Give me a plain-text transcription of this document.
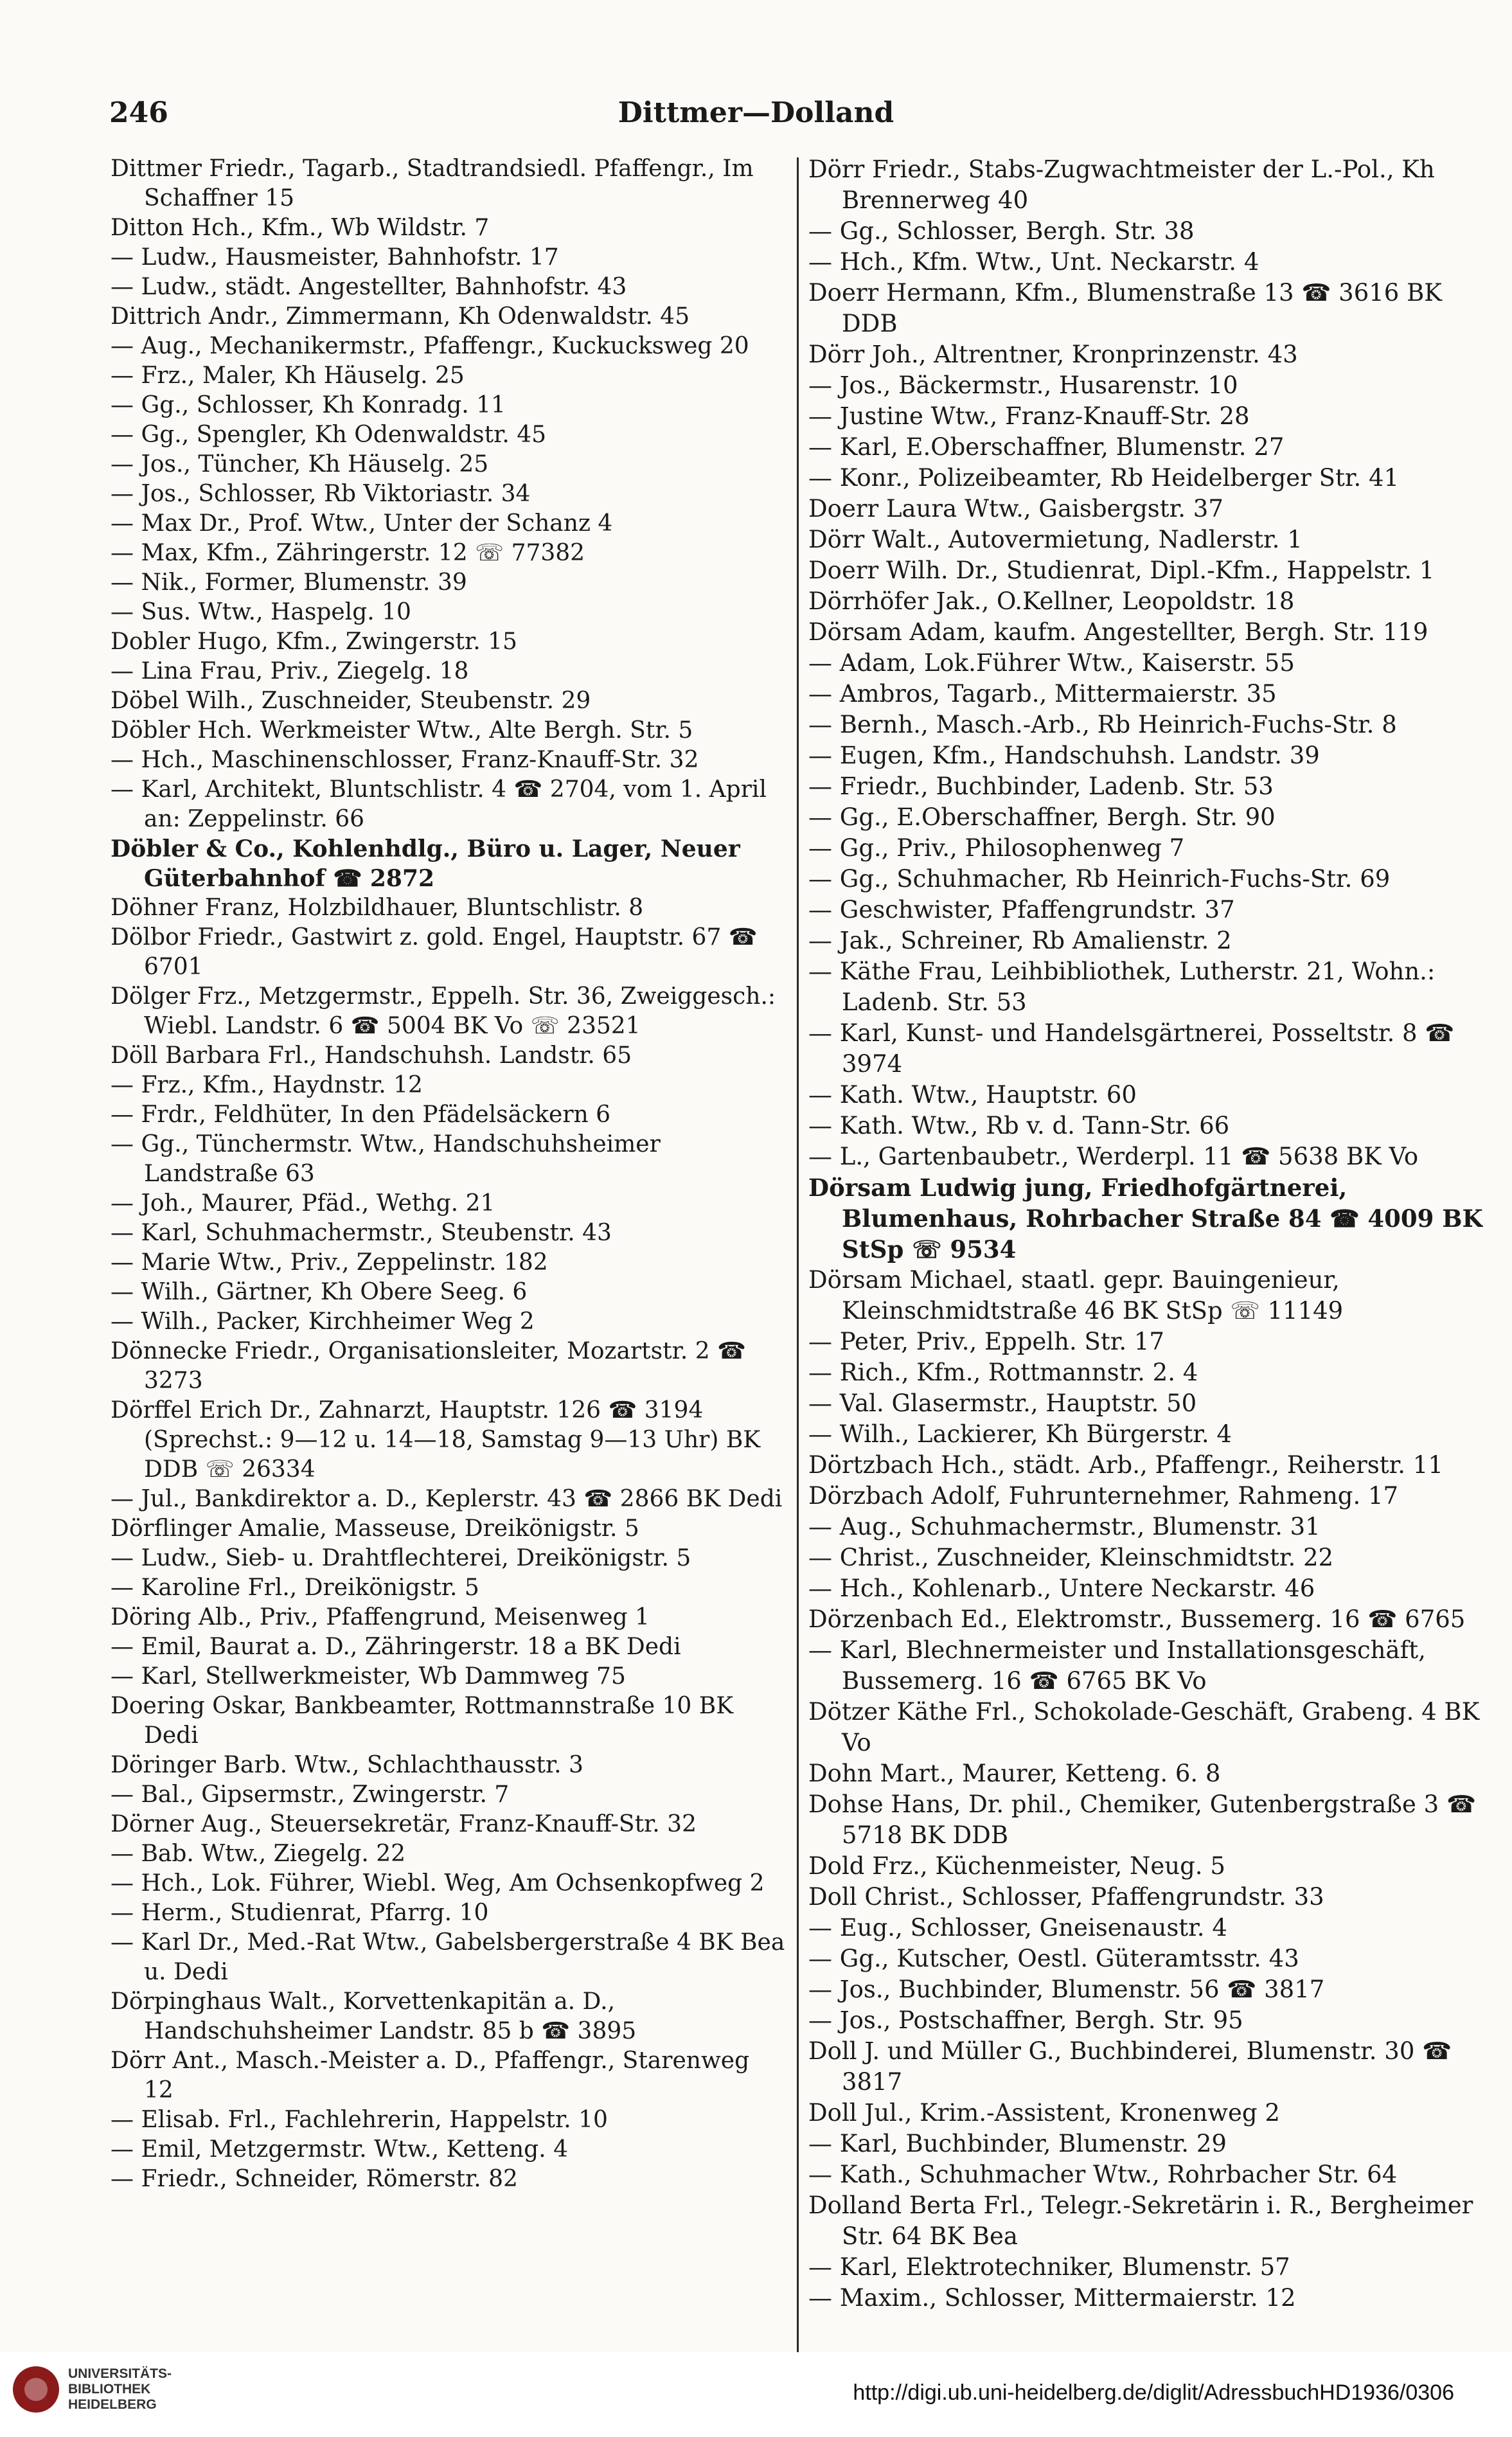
246	Dittmer—Dolland

Dittmer Friedr., Tagarb., Stadtrandsiedl. Pfaffengr., Im Schaffner 15

Ditton Hch., Kfm., Wb Wildstr. 7

— Ludw., Hausmeister, Bahnhofstr. 17

— Ludw., städt. Angestellter, Bahnhofstr. 43

Dittrich Andr., Zimmermann, Kh Odenwaldstr. 45

— Aug., Mechanikermstr., Pfaffengr., Kuckucksweg 20

— Frz., Maler, Kh Häuselg. 25

— Gg., Schlosser, Kh Konradg. 11

— Gg., Spengler, Kh Odenwaldstr. 45

— Jos., Tüncher, Kh Häuselg. 25

— Jos., Schlosser, Rb Viktoriastr. 34

— Max Dr., Prof. Wtw., Unter der Schanz 4

— Max, Kfm., Zähringerstr. 12 ☏ 77382

— Nik., Former, Blumenstr. 39

— Sus. Wtw., Haspelg. 10

Dobler Hugo, Kfm., Zwingerstr. 15

— Lina Frau, Priv., Ziegelg. 18

Döbel Wilh., Zuschneider, Steubenstr. 29

Döbler Hch. Werkmeister Wtw., Alte Bergh. Str. 5

— Hch., Maschinenschlosser, Franz-Knauff-Str. 32

— Karl, Architekt, Bluntschlistr. 4 ☎ 2704, vom 1. April an: Zeppelinstr. 66

Döbler & Co., Kohlenhdlg., Büro u. Lager, Neuer Güterbahnhof ☎ 2872

Döhner Franz, Holzbildhauer, Bluntschlistr. 8

Dölbor Friedr., Gastwirt z. gold. Engel, Hauptstr. 67 ☎ 6701

Dölger Frz., Metzgermstr., Eppelh. Str. 36, Zweiggesch.: Wiebl. Landstr. 6 ☎ 5004 BK Vo ☏ 23521

Döll Barbara Frl., Handschuhsh. Landstr. 65

— Frz., Kfm., Haydnstr. 12

— Frdr., Feldhüter, In den Pfädelsäckern 6

— Gg., Tünchermstr. Wtw., Handschuhsheimer Landstraße 63

— Joh., Maurer, Pfäd., Wethg. 21

— Karl, Schuhmachermstr., Steubenstr. 43

— Marie Wtw., Priv., Zeppelinstr. 182

— Wilh., Gärtner, Kh Obere Seeg. 6

— Wilh., Packer, Kirchheimer Weg 2

Dönnecke Friedr., Organisationsleiter, Mozartstr. 2 ☎ 3273

Dörffel Erich Dr., Zahnarzt, Hauptstr. 126 ☎ 3194 (Sprechst.: 9—12 u. 14—18, Samstag 9—13 Uhr) BK DDB ☏ 26334

— Jul., Bankdirektor a. D., Keplerstr. 43 ☎ 2866 BK Dedi

Dörflinger Amalie, Masseuse, Dreikönigstr. 5

— Ludw., Sieb- u. Drahtflechterei, Dreikönigstr. 5

— Karoline Frl., Dreikönigstr. 5

Döring Alb., Priv., Pfaffengrund, Meisenweg 1

— Emil, Baurat a. D., Zähringerstr. 18 a BK Dedi

— Karl, Stellwerkmeister, Wb Dammweg 75

Doering Oskar, Bankbeamter, Rottmannstraße 10 BK Dedi

Döringer Barb. Wtw., Schlachthausstr. 3

— Bal., Gipsermstr., Zwingerstr. 7

Dörner Aug., Steuersekretär, Franz-Knauff-Str. 32

— Bab. Wtw., Ziegelg. 22

— Hch., Lok. Führer, Wiebl. Weg, Am Ochsenkopfweg 2

— Herm., Studienrat, Pfarrg. 10

— Karl Dr., Med.-Rat Wtw., Gabelsbergerstraße 4 BK Bea u. Dedi

Dörpinghaus Walt., Korvettenkapitän a. D., Handschuhsheimer Landstr. 85 b ☎ 3895

Dörr Ant., Masch.-Meister a. D., Pfaffengr., Starenweg 12

— Elisab. Frl., Fachlehrerin, Happelstr. 10

— Emil, Metzgermstr. Wtw., Ketteng. 4

— Friedr., Schneider, Römerstr. 82

Dörr Friedr., Stabs-Zugwachtmeister der L.-Pol., Kh Brennerweg 40

— Gg., Schlosser, Bergh. Str. 38

— Hch., Kfm. Wtw., Unt. Neckarstr. 4

Doerr Hermann, Kfm., Blumenstraße 13 ☎ 3616 BK DDB

Dörr Joh., Altrentner, Kronprinzenstr. 43

— Jos., Bäckermstr., Husarenstr. 10

— Justine Wtw., Franz-Knauff-Str. 28

— Karl, E.Oberschaffner, Blumenstr. 27

— Konr., Polizeibeamter, Rb Heidelberger Str. 41

Doerr Laura Wtw., Gaisbergstr. 37

Dörr Walt., Autovermietung, Nadlerstr. 1

Doerr Wilh. Dr., Studienrat, Dipl.-Kfm., Happelstr. 1

Dörrhöfer Jak., O.Kellner, Leopoldstr. 18

Dörsam Adam, kaufm. Angestellter, Bergh. Str. 119

— Adam, Lok.Führer Wtw., Kaiserstr. 55

— Ambros, Tagarb., Mittermaierstr. 35

— Bernh., Masch.-Arb., Rb Heinrich-Fuchs-Str. 8

— Eugen, Kfm., Handschuhsh. Landstr. 39

— Friedr., Buchbinder, Ladenb. Str. 53

— Gg., E.Oberschaffner, Bergh. Str. 90

— Gg., Priv., Philosophenweg 7

— Gg., Schuhmacher, Rb Heinrich-Fuchs-Str. 69

— Geschwister, Pfaffengrundstr. 37

— Jak., Schreiner, Rb Amalienstr. 2

— Käthe Frau, Leihbibliothek, Lutherstr. 21, Wohn.: Ladenb. Str. 53

— Karl, Kunst- und Handelsgärtnerei, Posseltstr. 8 ☎ 3974

— Kath. Wtw., Hauptstr. 60

— Kath. Wtw., Rb v. d. Tann-Str. 66

— L., Gartenbaubetr., Werderpl. 11 ☎ 5638 BK Vo

Dörsam Ludwig jung, Friedhofgärtnerei, Blumenhaus, Rohrbacher Straße 84 ☎ 4009 BK StSp ☏ 9534

Dörsam Michael, staatl. gepr. Bauingenieur, Kleinschmidtstraße 46 BK StSp ☏ 11149

— Peter, Priv., Eppelh. Str. 17

— Rich., Kfm., Rottmannstr. 2. 4

— Val. Glasermstr., Hauptstr. 50

— Wilh., Lackierer, Kh Bürgerstr. 4

Dörtzbach Hch., städt. Arb., Pfaffengr., Reiherstr. 11

Dörzbach Adolf, Fuhrunternehmer, Rahmeng. 17

— Aug., Schuhmachermstr., Blumenstr. 31

— Christ., Zuschneider, Kleinschmidtstr. 22

— Hch., Kohlenarb., Untere Neckarstr. 46

Dörzenbach Ed., Elektromstr., Bussemerg. 16 ☎ 6765

— Karl, Blechnermeister und Installationsgeschäft, Bussemerg. 16 ☎ 6765 BK Vo

Dötzer Käthe Frl., Schokolade-Geschäft, Grabeng. 4 BK Vo

Dohn Mart., Maurer, Ketteng. 6. 8

Dohse Hans, Dr. phil., Chemiker, Gutenbergstraße 3 ☎ 5718 BK DDB

Dold Frz., Küchenmeister, Neug. 5

Doll Christ., Schlosser, Pfaffengrundstr. 33

— Eug., Schlosser, Gneisenaustr. 4

— Gg., Kutscher, Oestl. Güteramtsstr. 43

— Jos., Buchbinder, Blumenstr. 56 ☎ 3817

— Jos., Postschaffner, Bergh. Str. 95

Doll J. und Müller G., Buchbinderei, Blumenstr. 30 ☎ 3817

Doll Jul., Krim.-Assistent, Kronenweg 2

— Karl, Buchbinder, Blumenstr. 29

— Kath., Schuhmacher Wtw., Rohrbacher Str. 64

Dolland Berta Frl., Telegr.-Sekretärin i. R., Bergheimer Str. 64 BK Bea

— Karl, Elektrotechniker, Blumenstr. 57

— Maxim., Schlosser, Mittermaierstr. 12

UNIVERSITÄTS-
BIBLIOTHEK
HEIDELBERG	http://digi.ub.uni-heidelberg.de/diglit/AdressbuchHD1936/0306
